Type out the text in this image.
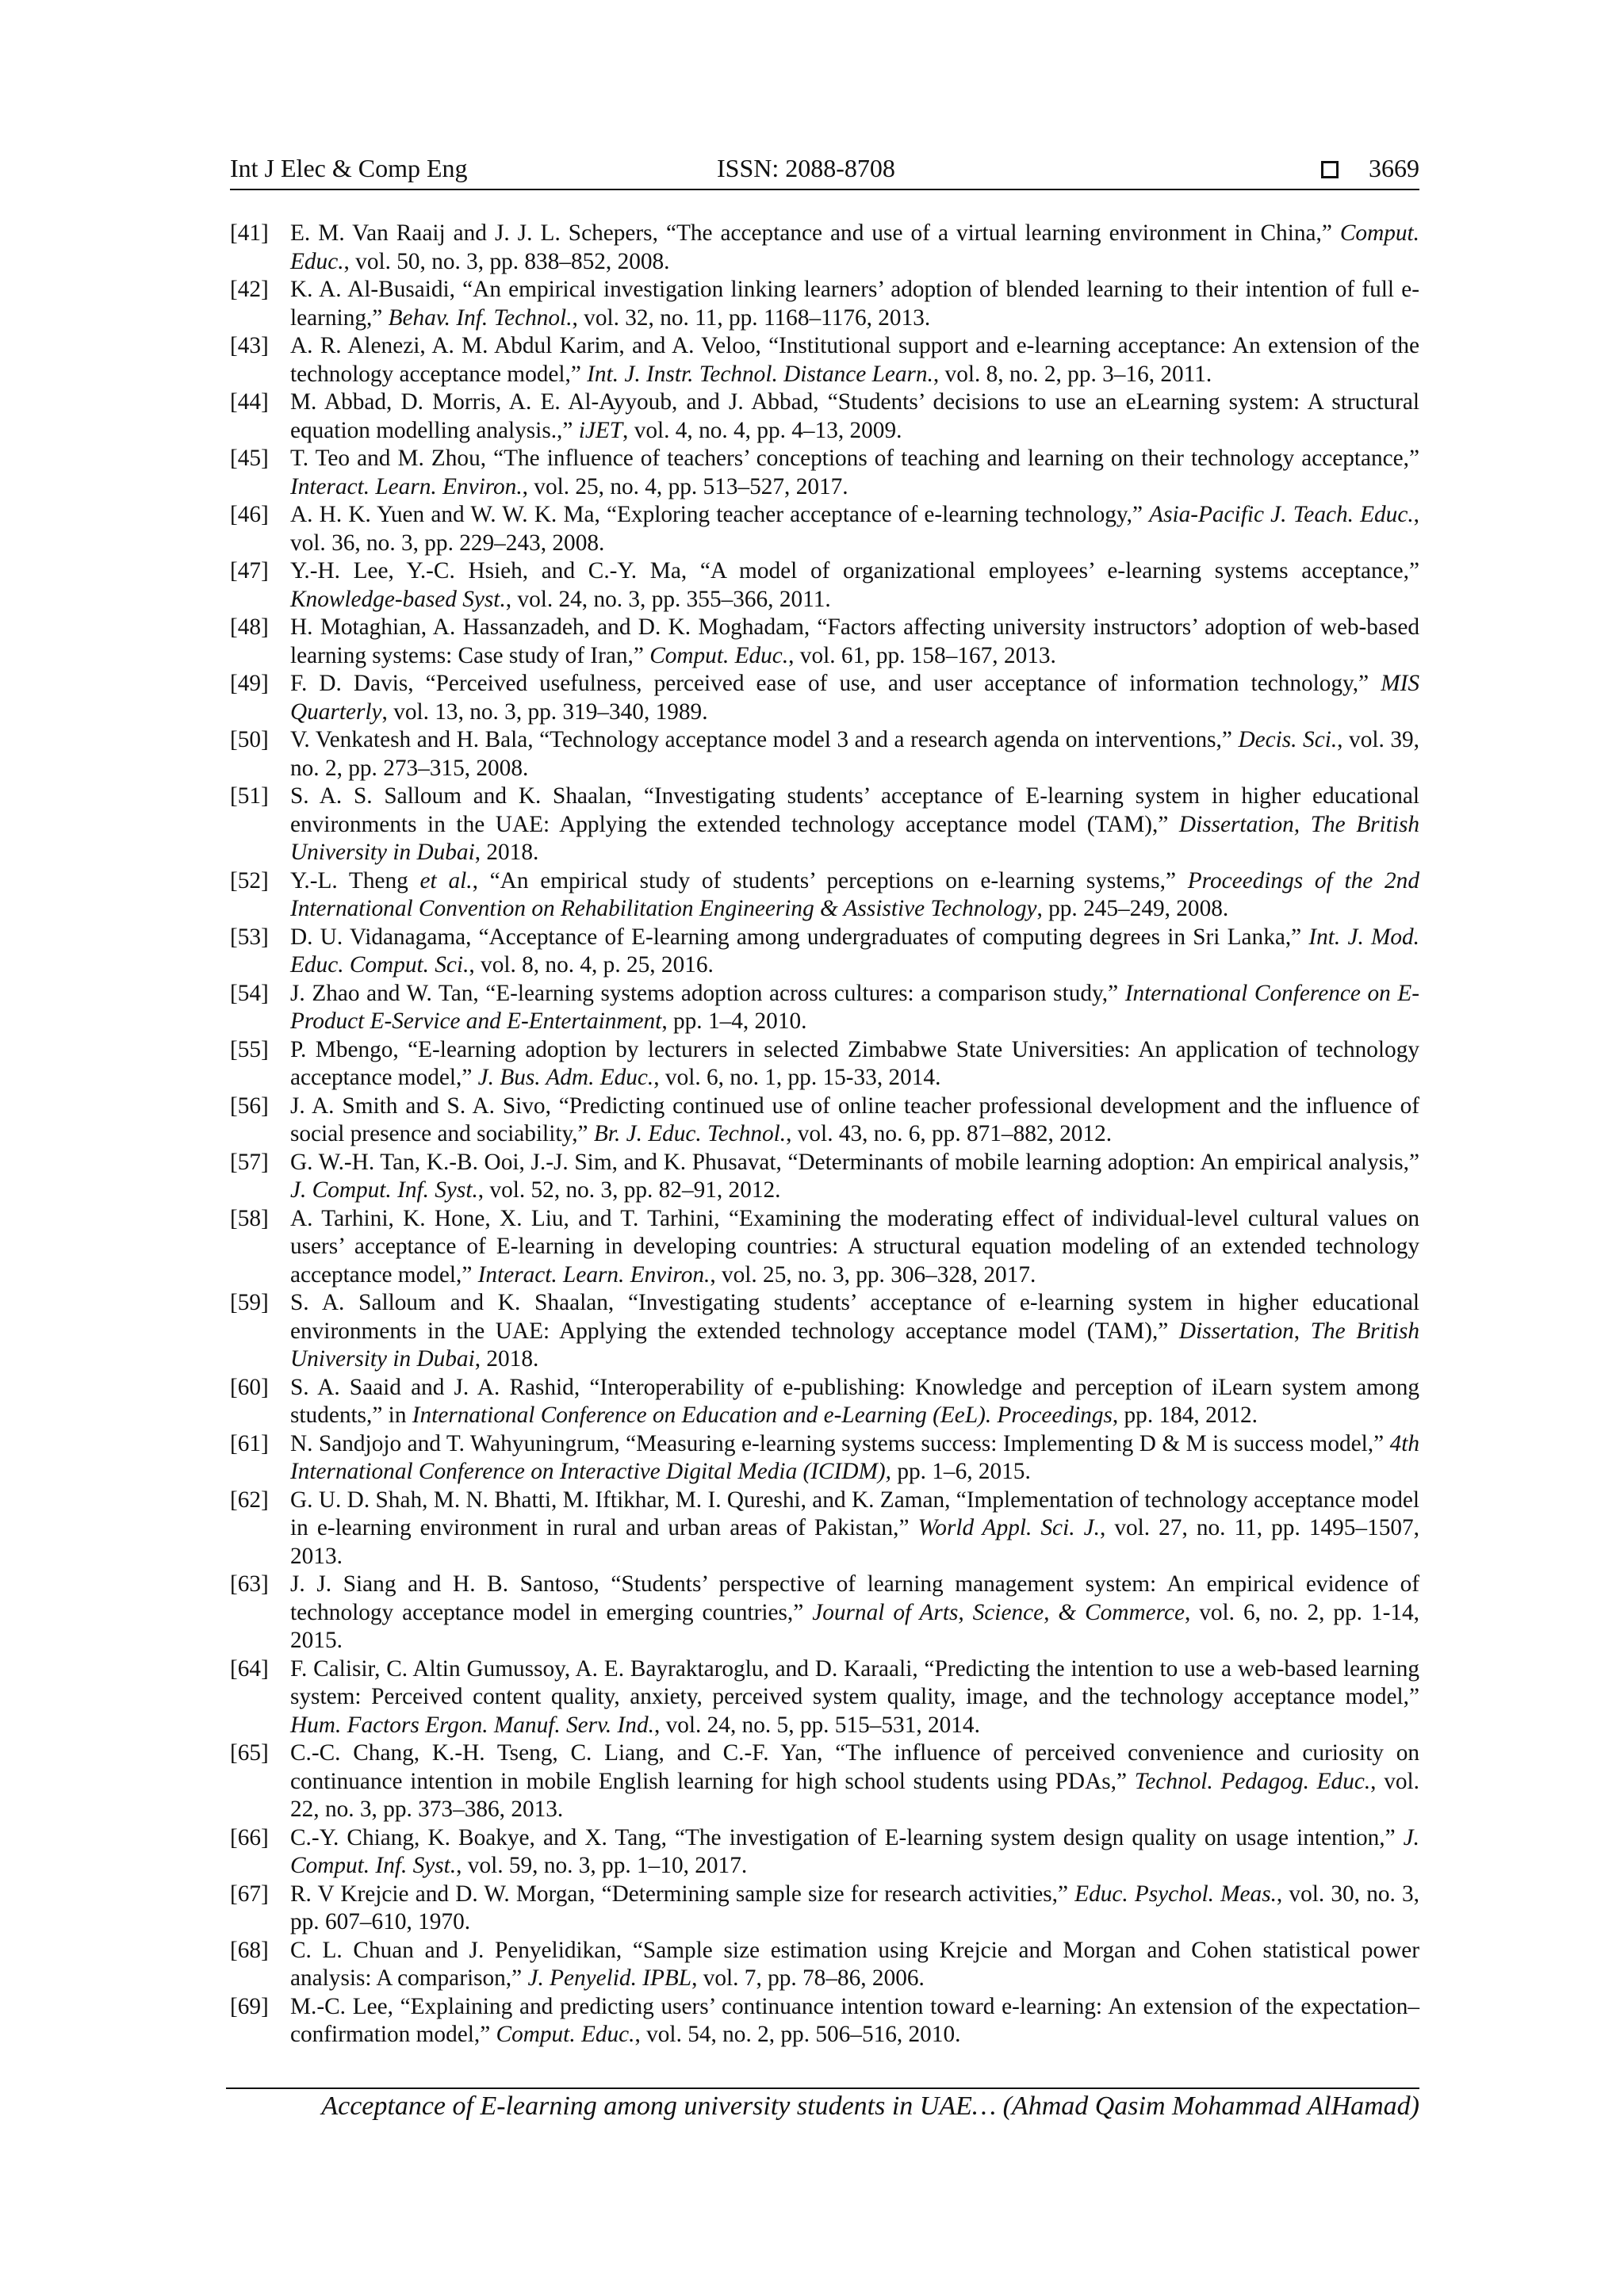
Int J Elec & Comp Eng	ISSN: 2088-8708	3669
[41] E. M. Van Raaij and J. J. L. Schepers, “The acceptance and use of a virtual learning environment in China,” Comput. Educ., vol. 50, no. 3, pp. 838–852, 2008.
[42] K. A. Al-Busaidi, “An empirical investigation linking learners’ adoption of blended learning to their intention of full e-learning,” Behav. Inf. Technol., vol. 32, no. 11, pp. 1168–1176, 2013.
[43] A. R. Alenezi, A. M. Abdul Karim, and A. Veloo, “Institutional support and e-learning acceptance: An extension of the technology acceptance model,” Int. J. Instr. Technol. Distance Learn., vol. 8, no. 2, pp. 3–16, 2011.
[44] M. Abbad, D. Morris, A. E. Al-Ayyoub, and J. Abbad, “Students’ decisions to use an eLearning system: A structural equation modelling analysis.,” iJET, vol. 4, no. 4, pp. 4–13, 2009.
[45] T. Teo and M. Zhou, “The influence of teachers’ conceptions of teaching and learning on their technology acceptance,” Interact. Learn. Environ., vol. 25, no. 4, pp. 513–527, 2017.
[46] A. H. K. Yuen and W. W. K. Ma, “Exploring teacher acceptance of e-learning technology,” Asia-Pacific J. Teach. Educ., vol. 36, no. 3, pp. 229–243, 2008.
[47] Y.-H. Lee, Y.-C. Hsieh, and C.-Y. Ma, “A model of organizational employees’ e-learning systems acceptance,” Knowledge-based Syst., vol. 24, no. 3, pp. 355–366, 2011.
[48] H. Motaghian, A. Hassanzadeh, and D. K. Moghadam, “Factors affecting university instructors’ adoption of web-based learning systems: Case study of Iran,” Comput. Educ., vol. 61, pp. 158–167, 2013.
[49] F. D. Davis, “Perceived usefulness, perceived ease of use, and user acceptance of information technology,” MIS Quarterly, vol. 13, no. 3, pp. 319–340, 1989.
[50] V. Venkatesh and H. Bala, “Technology acceptance model 3 and a research agenda on interventions,” Decis. Sci., vol. 39, no. 2, pp. 273–315, 2008.
[51] S. A. S. Salloum and K. Shaalan, “Investigating students’ acceptance of E-learning system in higher educational environments in the UAE: Applying the extended technology acceptance model (TAM),” Dissertation, The British University in Dubai, 2018.
[52] Y.-L. Theng et al., “An empirical study of students’ perceptions on e-learning systems,” Proceedings of the 2nd International Convention on Rehabilitation Engineering & Assistive Technology, pp. 245–249, 2008.
[53] D. U. Vidanagama, “Acceptance of E-learning among undergraduates of computing degrees in Sri Lanka,” Int. J. Mod. Educ. Comput. Sci., vol. 8, no. 4, p. 25, 2016.
[54] J. Zhao and W. Tan, “E-learning systems adoption across cultures: a comparison study,” International Conference on E-Product E-Service and E-Entertainment, pp. 1–4, 2010.
[55] P. Mbengo, “E-learning adoption by lecturers in selected Zimbabwe State Universities: An application of technology acceptance model,” J. Bus. Adm. Educ., vol. 6, no. 1, pp. 15-33, 2014.
[56] J. A. Smith and S. A. Sivo, “Predicting continued use of online teacher professional development and the influence of social presence and sociability,” Br. J. Educ. Technol., vol. 43, no. 6, pp. 871–882, 2012.
[57] G. W.-H. Tan, K.-B. Ooi, J.-J. Sim, and K. Phusavat, “Determinants of mobile learning adoption: An empirical analysis,” J. Comput. Inf. Syst., vol. 52, no. 3, pp. 82–91, 2012.
[58] A. Tarhini, K. Hone, X. Liu, and T. Tarhini, “Examining the moderating effect of individual-level cultural values on users’ acceptance of E-learning in developing countries: A structural equation modeling of an extended technology acceptance model,” Interact. Learn. Environ., vol. 25, no. 3, pp. 306–328, 2017.
[59] S. A. Salloum and K. Shaalan, “Investigating students’ acceptance of e-learning system in higher educational environments in the UAE: Applying the extended technology acceptance model (TAM),” Dissertation, The British University in Dubai, 2018.
[60] S. A. Saaid and J. A. Rashid, “Interoperability of e-publishing: Knowledge and perception of iLearn system among students,” in International Conference on Education and e-Learning (EeL). Proceedings, pp. 184, 2012.
[61] N. Sandjojo and T. Wahyuningrum, “Measuring e-learning systems success: Implementing D & M is success model,” 4th International Conference on Interactive Digital Media (ICIDM), pp. 1–6, 2015.
[62] G. U. D. Shah, M. N. Bhatti, M. Iftikhar, M. I. Qureshi, and K. Zaman, “Implementation of technology acceptance model in e-learning environment in rural and urban areas of Pakistan,” World Appl. Sci. J., vol. 27, no. 11, pp. 1495–1507, 2013.
[63] J. J. Siang and H. B. Santoso, “Students’ perspective of learning management system: An empirical evidence of technology acceptance model in emerging countries,” Journal of Arts, Science, & Commerce, vol. 6, no. 2, pp. 1-14, 2015.
[64] F. Calisir, C. Altin Gumussoy, A. E. Bayraktaroglu, and D. Karaali, “Predicting the intention to use a web-based learning system: Perceived content quality, anxiety, perceived system quality, image, and the technology acceptance model,” Hum. Factors Ergon. Manuf. Serv. Ind., vol. 24, no. 5, pp. 515–531, 2014.
[65] C.-C. Chang, K.-H. Tseng, C. Liang, and C.-F. Yan, “The influence of perceived convenience and curiosity on continuance intention in mobile English learning for high school students using PDAs,” Technol. Pedagog. Educ., vol. 22, no. 3, pp. 373–386, 2013.
[66] C.-Y. Chiang, K. Boakye, and X. Tang, “The investigation of E-learning system design quality on usage intention,” J. Comput. Inf. Syst., vol. 59, no. 3, pp. 1–10, 2017.
[67] R. V Krejcie and D. W. Morgan, “Determining sample size for research activities,” Educ. Psychol. Meas., vol. 30, no. 3, pp. 607–610, 1970.
[68] C. L. Chuan and J. Penyelidikan, “Sample size estimation using Krejcie and Morgan and Cohen statistical power analysis: A comparison,” J. Penyelid. IPBL, vol. 7, pp. 78–86, 2006.
[69] M.-C. Lee, “Explaining and predicting users’ continuance intention toward e-learning: An extension of the expectation–confirmation model,” Comput. Educ., vol. 54, no. 2, pp. 506–516, 2010.
Acceptance of E-learning among university students in UAE… (Ahmad Qasim Mohammad AlHamad)
